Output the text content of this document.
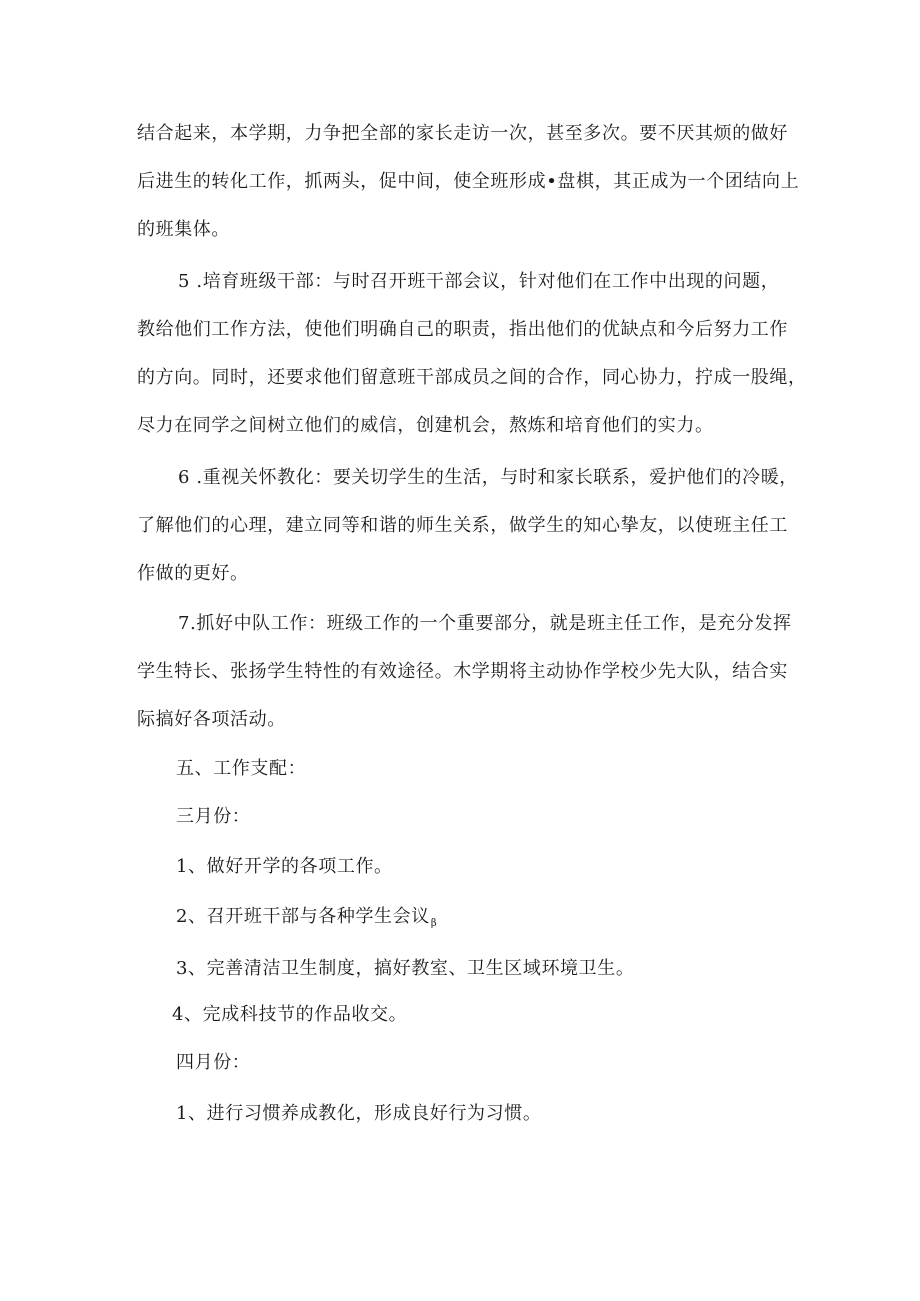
结合起来，本学期，力争把全部的家长走访一次，甚至多次。要不厌其烦的做好
后进生的转化工作，抓两头，促中间，使全班形成•盘棋，其正成为一个团结向上
的班集体。
5 .培育班级干部：与时召开班干部会议，针对他们在工作中出现的问题，
教给他们工作方法，使他们明确自己的职责，指出他们的优缺点和今后努力工作
的方向。同时，还要求他们留意班干部成员之间的合作，同心协力，拧成一股绳，
尽力在同学之间树立他们的威信，创建机会，熬炼和培育他们的实力。
6 .重视关怀教化：要关切学生的生活，与时和家长联系，爱护他们的冷暖，
了解他们的心理，建立同等和谐的师生关系，做学生的知心挚友，以使班主任工
作做的更好。
7.抓好中队工作：班级工作的一个重要部分，就是班主任工作，是充分发挥
学生特长、张扬学生特性的有效途径。木学期将主动协作学校少先大队，结合实
际搞好各项活动。
五、工作支配：
三月份：
1、做好开学的各项工作。
2、召开班干部与各种学生会议$_\beta$
3、完善清洁卫生制度，搞好教室、卫生区域环境卫生。
4、完成科技节的作品收交。
四月份：
1、进行习惯养成教化，形成良好行为习惯。
